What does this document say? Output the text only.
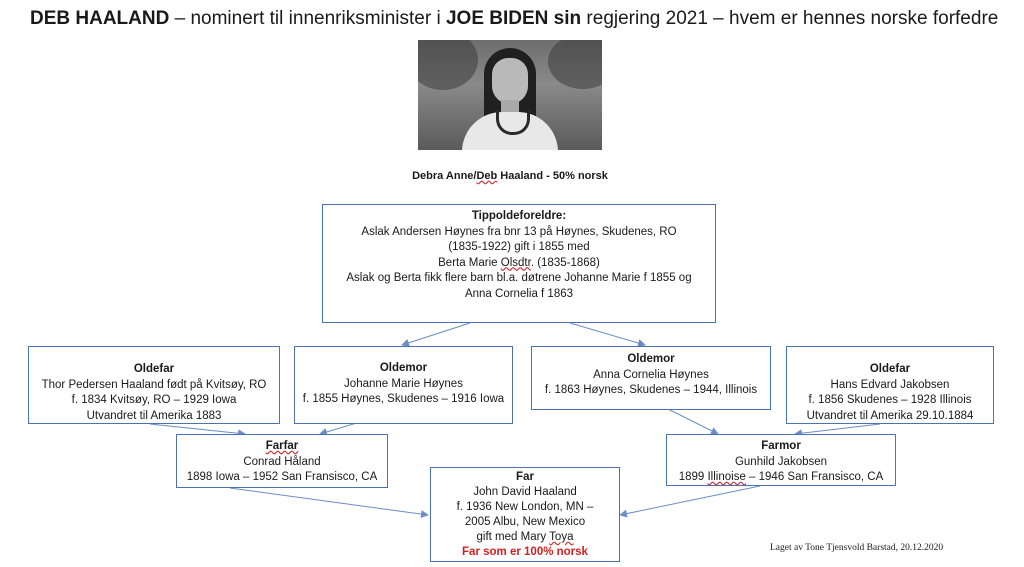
DEB HAALAND – nominert til innenriksminister i JOE BIDEN sin regjering 2021 – hvem er hennes norske forfedre
Debra Anne/Deb Haaland - 50% norsk
Tippoldeforeldre:
Aslak Andersen Høynes fra bnr 13 på Høynes, Skudenes, RO
(1835-1922) gift i 1855 med
Berta Marie Olsdtr. (1835-1868)
Aslak og Berta fikk flere barn bl.a. døtrene Johanne Marie f 1855 og
Anna Cornelia f 1863
Oldefar
Thor Pedersen Haaland født på Kvitsøy, RO
f. 1834 Kvitsøy, RO – 1929 Iowa
Utvandret til Amerika 1883
Oldemor
Johanne Marie Høynes
f. 1855 Høynes, Skudenes – 1916 Iowa
Oldemor
Anna Cornelia Høynes
f. 1863 Høynes, Skudenes – 1944, Illinois
Oldefar
Hans Edvard Jakobsen
f. 1856 Skudenes – 1928 Illinois
Utvandret til Amerika 29.10.1884
Farfar
Conrad Håland
1898 Iowa – 1952 San Fransisco, CA
Farmor
Gunhild Jakobsen
1899 Illinoise – 1946 San Fransisco, CA
Far
John David Haaland
f. 1936 New London, MN –
2005 Albu, New Mexico
gift med Mary Toya
Far som er 100% norsk	Laget av Tone Tjensvold Barstad, 20.12.2020
